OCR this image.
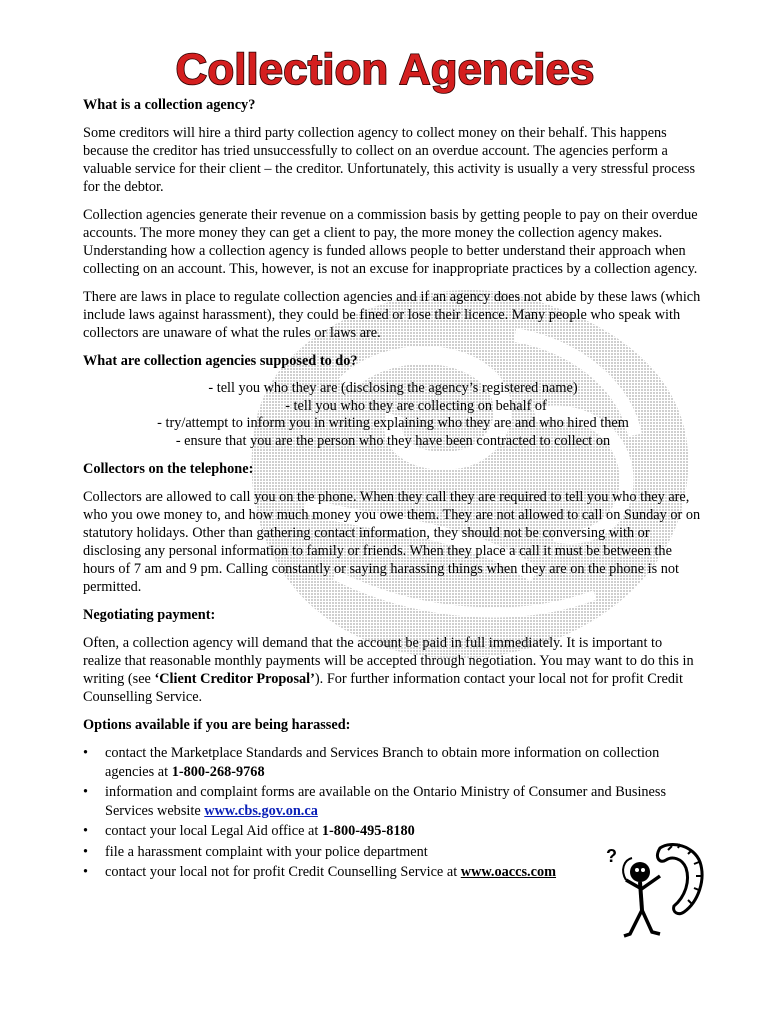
Collection Agencies
What is a collection agency?

Some creditors will hire a third party collection agency to collect money on their behalf. This happens because the creditor has tried unsuccessfully to collect on an overdue account. The agencies perform a valuable service for their client – the creditor. Unfortunately, this activity is usually a very stressful process for the debtor.

Collection agencies generate their revenue on a commission basis by getting people to pay on their overdue accounts. The more money they can get a client to pay, the more money the collection agency makes. Understanding how a collection agency is funded allows people to better understand their approach when collecting on an account. This, however, is not an excuse for inappropriate practices by a collection agency.

There are laws in place to regulate collection agencies and if an agency does not abide by these laws (which include laws against harassment), they could be fined or lose their licence. Many people who speak with collectors are unaware of what the rules or laws are.

What are collection agencies supposed to do?
- tell you who they are (disclosing the agency’s registered name)
- tell you who they are collecting on behalf of
- try/attempt to inform you in writing explaining who they are and who hired them
- ensure that you are the person who they have been contracted to collect on
Collectors on the telephone:

Collectors are allowed to call you on the phone. When they call they are required to tell you who they are, who you owe money to, and how much money you owe them. They are not allowed to call on Sunday or on statutory holidays. Other than gathering contact information, they should not be conversing with or disclosing any personal information to family or friends. When they place a call it must be between the hours of 7 am and 9 pm. Calling constantly or saying harassing things when they are on the phone is not permitted.

Negotiating payment:

Often, a collection agency will demand that the account be paid in full immediately. It is important to realize that reasonable monthly payments will be accepted through negotiation. You may want to do this in writing (see ‘Client Creditor Proposal’). For further information contact your local not for profit Credit Counselling Service.

Options available if you are being harassed:
• contact the Marketplace Standards and Services Branch to obtain more information on collection agencies at 1-800-268-9768
• information and complaint forms are available on the Ontario Ministry of Consumer and Business Services website www.cbs.gov.on.ca
• contact your local Legal Aid office at 1-800-495-8180
• file a harassment complaint with your police department
• contact your local not for profit Credit Counselling Service at www.oaccs.com
?
